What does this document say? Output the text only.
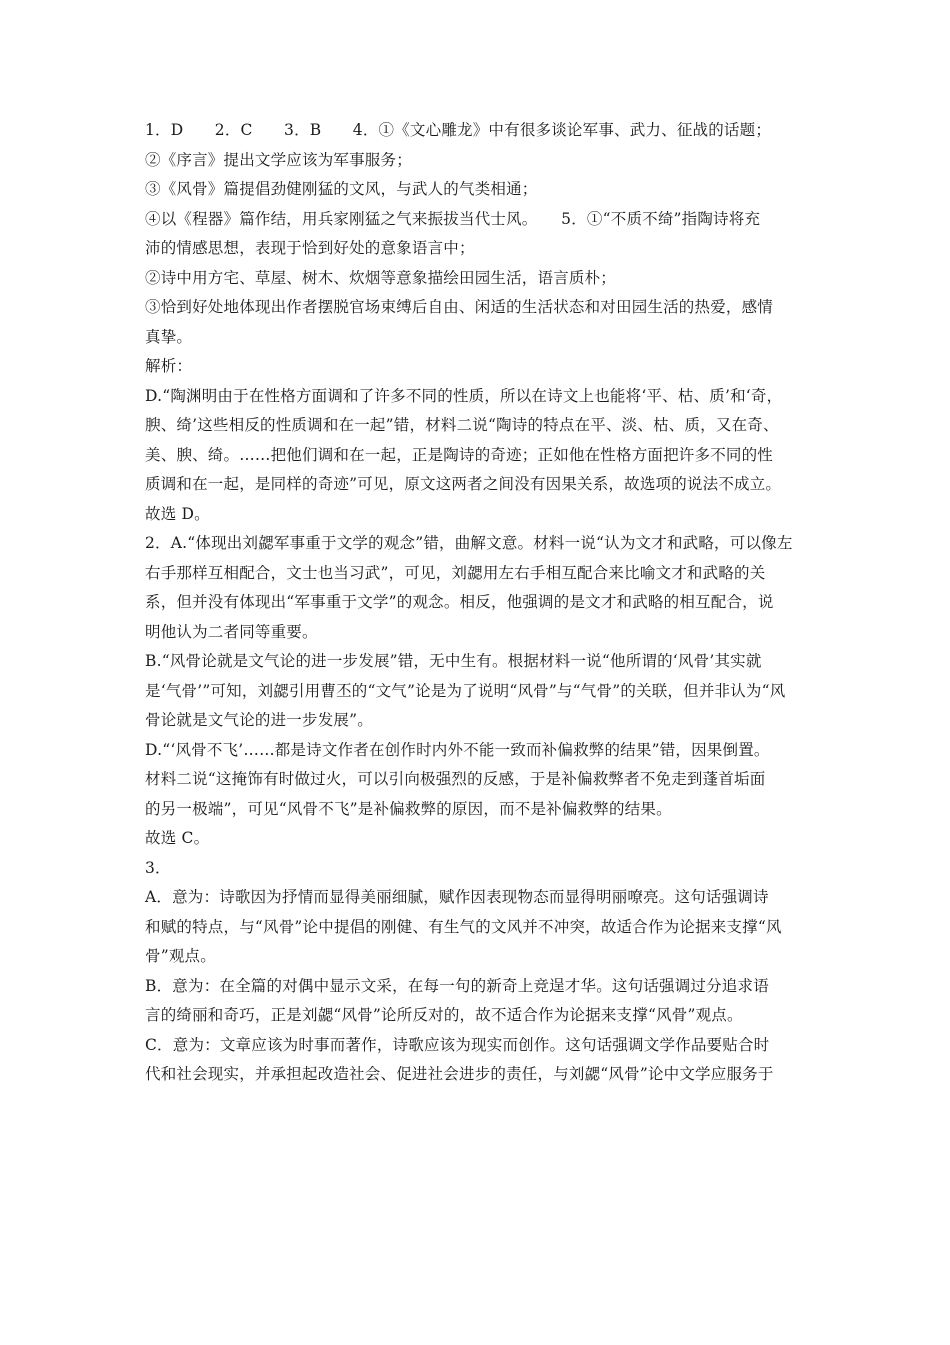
1．D　　2．C　　3．B　　4．①《文心雕龙》中有很多谈论军事、武力、征战的话题；
②《序言》提出文学应该为军事服务；
③《风骨》篇提倡劲健刚猛的文风，与武人的气类相通；
④以《程器》篇作结，用兵家刚猛之气来振拔当代士风。　　5．①“不质不绮”指陶诗将充
沛的情感思想，表现于恰到好处的意象语言中；
②诗中用方宅、草屋、树木、炊烟等意象描绘田园生活，语言质朴；
③恰到好处地体现出作者摆脱官场束缚后自由、闲适的生活状态和对田园生活的热爱，感情
真挚。
解析：
D.“陶渊明由于在性格方面调和了许多不同的性质，所以在诗文上也能将‘平、枯、质’和‘奇，
腴、绮’这些相反的性质调和在一起”错，材料二说“陶诗的特点在平、淡、枯、质，又在奇、
美、腴、绮。……把他们调和在一起，正是陶诗的奇迹；正如他在性格方面把许多不同的性
质调和在一起，是同样的奇迹”可见，原文这两者之间没有因果关系，故选项的说法不成立。
故选 D。
2．A.“体现出刘勰军事重于文学的观念”错，曲解文意。材料一说“认为文才和武略，可以像左
右手那样互相配合，文士也当习武”，可见，刘勰用左右手相互配合来比喻文才和武略的关
系，但并没有体现出“军事重于文学”的观念。相反，他强调的是文才和武略的相互配合，说
明他认为二者同等重要。
B.“风骨论就是文气论的进一步发展”错，无中生有。根据材料一说“他所谓的‘风骨’其实就
是‘气骨’”可知，刘勰引用曹丕的“文气”论是为了说明“风骨”与“气骨”的关联，但并非认为“风
骨论就是文气论的进一步发展”。
D.“‘风骨不飞’……都是诗文作者在创作时内外不能一致而补偏救弊的结果”错，因果倒置。
材料二说“这掩饰有时做过火，可以引向极强烈的反感，于是补偏救弊者不免走到蓬首垢面
的另一极端”，可见“风骨不飞”是补偏救弊的原因，而不是补偏救弊的结果。
故选 C。
3．
A．意为：诗歌因为抒情而显得美丽细腻，赋作因表现物态而显得明丽嘹亮。这句话强调诗
和赋的特点，与“风骨”论中提倡的刚健、有生气的文风并不冲突，故适合作为论据来支撑“风
骨”观点。
B．意为：在全篇的对偶中显示文采，在每一句的新奇上竞逞才华。这句话强调过分追求语
言的绮丽和奇巧，正是刘勰“风骨”论所反对的，故不适合作为论据来支撑“风骨”观点。
C．意为：文章应该为时事而著作，诗歌应该为现实而创作。这句话强调文学作品要贴合时
代和社会现实，并承担起改造社会、促进社会进步的责任，与刘勰“风骨”论中文学应服务于
